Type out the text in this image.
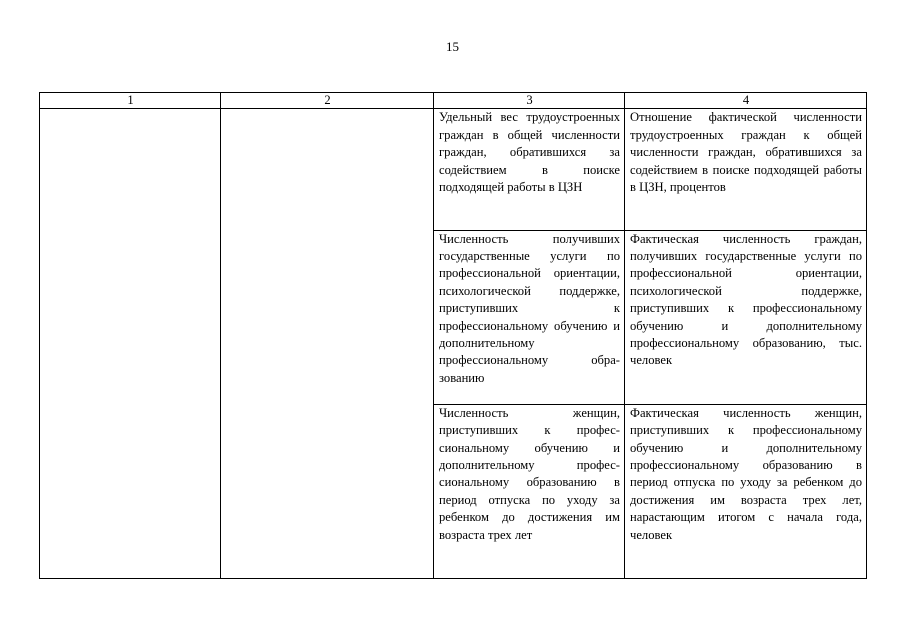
15
1	2	3	4
		Удельный вес трудоустроенных граждан в общей численности граждан, обратившихся за содействием в поиске подходящей работы в ЦЗН	Отношение фактической численности трудоустроенных граждан к общей численности граждан, обратившихся за содействием в поиске подходящей работы в ЦЗН, процентов
		Численность получивших государственные услуги по профессиональной ориентации, психологической поддержке, приступивших к профессиональному обучению и дополнительному профессиональному образованию	Фактическая численность граждан, получивших государственные услуги по профессиональной ориентации, психологической поддержке, приступивших к профессиональному обучению и дополнительному профессиональному образованию, тыс. человек
		Численность женщин, приступивших к профессиональному обучению и дополнительному профессиональному образованию в период отпуска по уходу за ребенком до достижения им возраста трех лет	Фактическая численность женщин, приступивших к профессиональному обучению и дополнительному профессиональному образованию в период отпуска по уходу за ребенком до достижения им возраста трех лет, нарастающим итогом с начала года, человек
